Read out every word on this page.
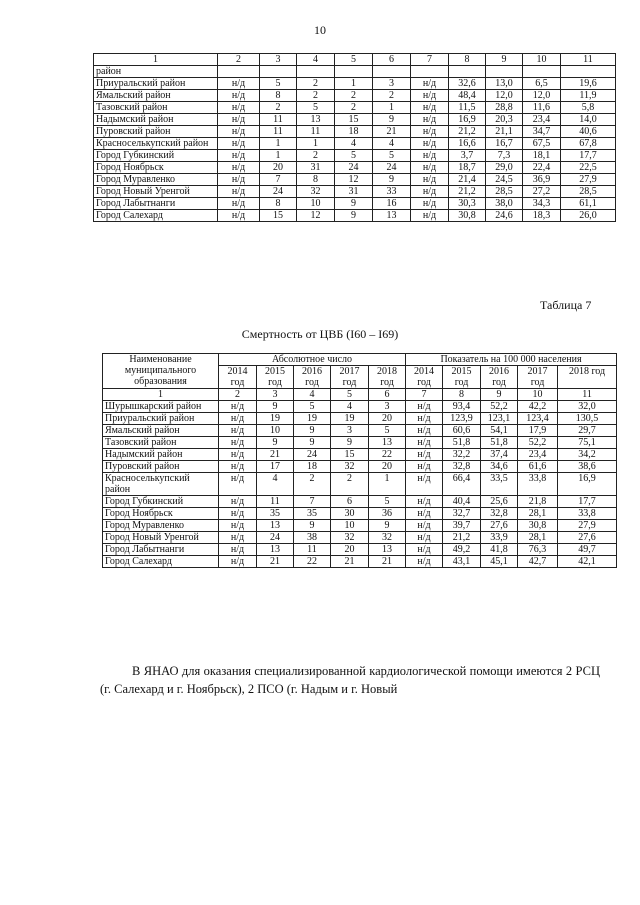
10
1	2	3	4	5	6	7	8	9	10	11
район										
Приуральский район	н/д	5	2	1	3	н/д	32,6	13,0	6,5	19,6
Ямальский район	н/д	8	2	2	2	н/д	48,4	12,0	12,0	11,9
Тазовский район	н/д	2	5	2	1	н/д	11,5	28,8	11,6	5,8
Надымский район	н/д	11	13	15	9	н/д	16,9	20,3	23,4	14,0
Пуровский район	н/д	11	11	18	21	н/д	21,2	21,1	34,7	40,6
Красноселькупский район	н/д	1	1	4	4	н/д	16,6	16,7	67,5	67,8
Город Губкинский	н/д	1	2	5	5	н/д	3,7	7,3	18,1	17,7
Город Ноябрьск	н/д	20	31	24	24	н/д	18,7	29,0	22,4	22,5
Город Муравленко	н/д	7	8	12	9	н/д	21,4	24,5	36,9	27,9
Город Новый Уренгой	н/д	24	32	31	33	н/д	21,2	28,5	27,2	28,5
Город Лабытнанги	н/д	8	10	9	16	н/д	30,3	38,0	34,3	61,1
Город Салехард	н/д	15	12	9	13	н/д	30,8	24,6	18,3	26,0
Таблица 7
Смертность от ЦВБ (I60 – I69)
Наименование муниципального образования	Абсолютное число					Показатель на 100 000 населения				
	2014 год	2015 год	2016 год	2017 год	2018 год	2014 год	2015 год	2016 год	2017 год	2018 год
1	2	3	4	5	6	7	8	9	10	11
Шурышкарский район	н/д	9	5	4	3	н/д	93,4	52,2	42,2	32,0
Приуральский район	н/д	19	19	19	20	н/д	123,9	123,1	123,4	130,5
Ямальский район	н/д	10	9	3	5	н/д	60,6	54,1	17,9	29,7
Тазовский район	н/д	9	9	9	13	н/д	51,8	51,8	52,2	75,1
Надымский район	н/д	21	24	15	22	н/д	32,2	37,4	23,4	34,2
Пуровский район	н/д	17	18	32	20	н/д	32,8	34,6	61,6	38,6
Красноселькупский район	н/д	4	2	2	1	н/д	66,4	33,5	33,8	16,9
Город Губкинский	н/д	11	7	6	5	н/д	40,4	25,6	21,8	17,7
Город Ноябрьск	н/д	35	35	30	36	н/д	32,7	32,8	28,1	33,8
Город Муравленко	н/д	13	9	10	9	н/д	39,7	27,6	30,8	27,9
Город Новый Уренгой	н/д	24	38	32	32	н/д	21,2	33,9	28,1	27,6
Город Лабытнанги	н/д	13	11	20	13	н/д	49,2	41,8	76,3	49,7
Город Салехард	н/д	21	22	21	21	н/д	43,1	45,1	42,7	42,1
В ЯНАО для оказания специализированной кардиологической помощи имеются 2 РСЦ (г. Салехард и г. Ноябрьск), 2 ПСО (г. Надым и г. Новый
